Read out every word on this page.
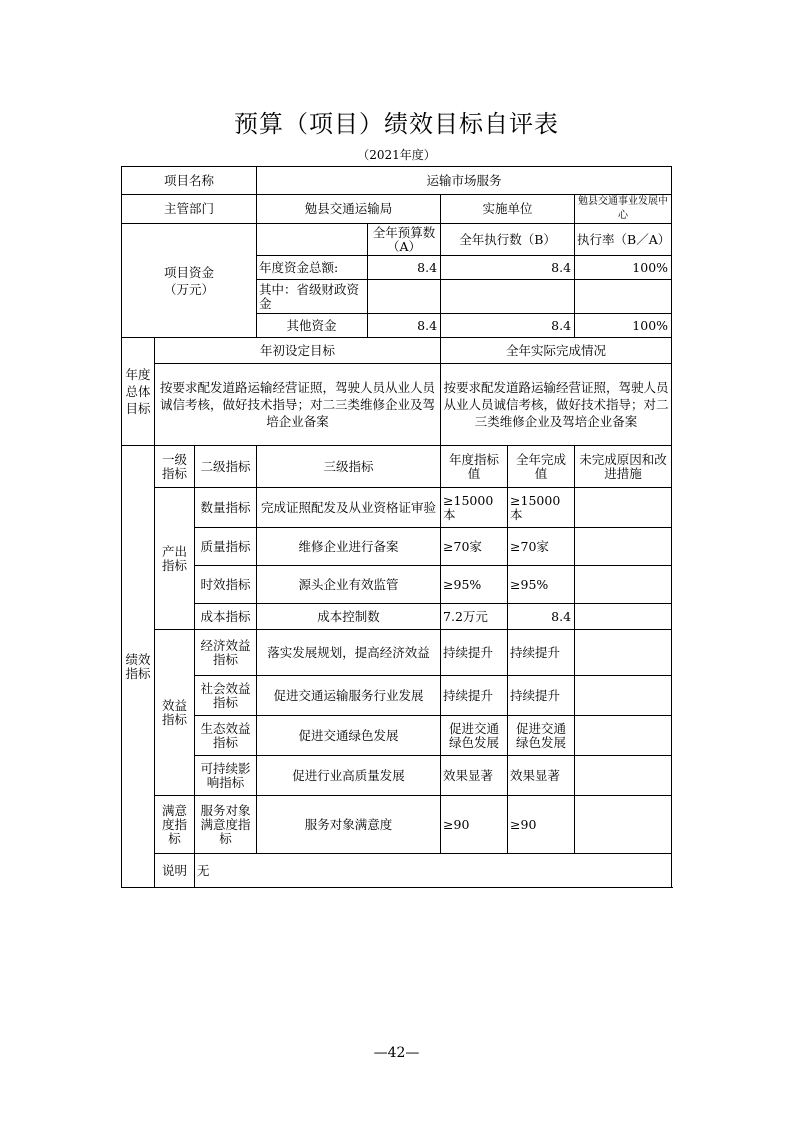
预算（项目）绩效目标自评表
（2021年度）
项目名称			运输市场服务				
主管部门			勉县交通运输局		实施单位		勉县交通事业发展中心
项目资金
（万元）				全年预算数（A）	全年执行数（B）		执行率（B／A）
			年度资金总额:	8.4	8.4		100%
			其中：省级财政资金				
			其他资金	8.4	8.4		100%
年度总体目标	年初设定目标				全年实际完成情况		
	按要求配发道路运输经营证照，驾驶人员从业人员诚信考核，做好技术指导；对二三类维修企业及驾培企业备案				按要求配发道路运输经营证照，驾驶人员从业人员诚信考核，做好技术指导；对二三类维修企业及驾培企业备案		
绩效指标	一级指标	二级指标	三级指标		年度指标值	全年完成值	未完成原因和改进措施
	产出指标	数量指标	完成证照配发及从业资格证审验		≥15000本	≥15000本	
		质量指标	维修企业进行备案		≥70家	≥70家	
		时效指标	源头企业有效监管		≥95%	≥95%	
		成本指标	成本控制数		7.2万元	8.4	
	效益指标	经济效益指标	落实发展规划，提高经济效益		持续提升	持续提升	
		社会效益指标	促进交通运输服务行业发展		持续提升	持续提升	
		生态效益指标	促进交通绿色发展		促进交通绿色发展	促进交通绿色发展	
		可持续影响指标	促进行业高质量发展		效果显著	效果显著	
	满意度指标	服务对象满意度指标	服务对象满意度		≥90	≥90	
	说明	无					
—42—
